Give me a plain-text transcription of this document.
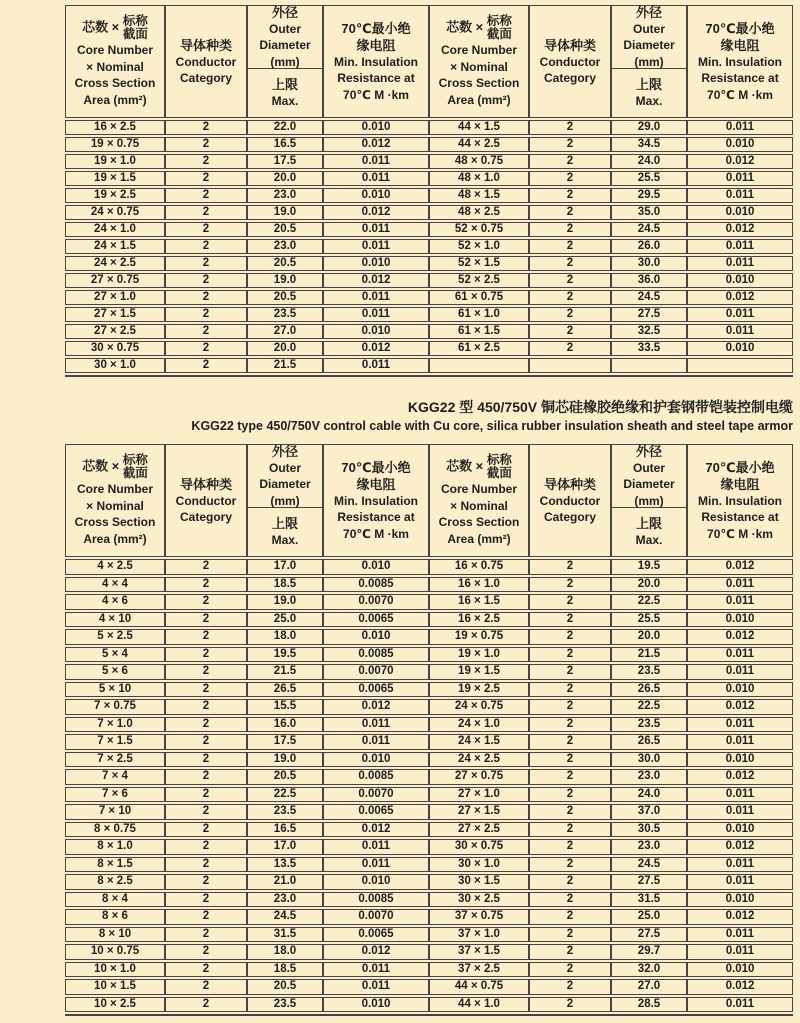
芯数 × 标称
截面
Core Number
× Nominal
Cross Section
Area (mm²)

导体种类
Conductor
Category

外径
Outer
Diameter
(mm)
上限
Max.

70℃最小绝
缘电阻
Min. Insulation
Resistance at
70℃ M ·km

芯数 × 标称
截面
Core Number
× Nominal
Cross Section
Area (mm²)

导体种类
Conductor
Category

外径
Outer
Diameter
(mm)
上限
Max.

70℃最小绝
缘电阻
Min. Insulation
Resistance at
70℃ M ·km

16 × 2.5	2	22.0	0.010	44 × 1.5	2	29.0	0.011
19 × 0.75	2	16.5	0.012	44 × 2.5	2	34.5	0.010
19 × 1.0	2	17.5	0.011	48 × 0.75	2	24.0	0.012
19 × 1.5	2	20.0	0.011	48 × 1.0	2	25.5	0.011
19 × 2.5	2	23.0	0.010	48 × 1.5	2	29.5	0.011
24 × 0.75	2	19.0	0.012	48 × 2.5	2	35.0	0.010
24 × 1.0	2	20.5	0.011	52 × 0.75	2	24.5	0.012
24 × 1.5	2	23.0	0.011	52 × 1.0	2	26.0	0.011
24 × 2.5	2	20.5	0.010	52 × 1.5	2	30.0	0.011
27 × 0.75	2	19.0	0.012	52 × 2.5	2	36.0	0.010
27 × 1.0	2	20.5	0.011	61 × 0.75	2	24.5	0.012
27 × 1.5	2	23.5	0.011	61 × 1.0	2	27.5	0.011
27 × 2.5	2	27.0	0.010	61 × 1.5	2	32.5	0.011
30 × 0.75	2	20.0	0.012	61 × 2.5	2	33.5	0.010
30 × 1.0	2	21.5	0.011				
KGG22 型 450/750V 铜芯硅橡胶绝缘和护套钢带铠装控制电缆
KGG22 type 450/750V control cable with Cu core, silica rubber insulation sheath and steel tape armor
芯数 × 标称
截面
Core Number
× Nominal
Cross Section
Area (mm²)

导体种类
Conductor
Category

外径
Outer
Diameter
(mm)
上限
Max.

70℃最小绝
缘电阻
Min. Insulation
Resistance at
70℃ M ·km

芯数 × 标称
截面
Core Number
× Nominal
Cross Section
Area (mm²)

导体种类
Conductor
Category

外径
Outer
Diameter
(mm)
上限
Max.

70℃最小绝
缘电阻
Min. Insulation
Resistance at
70℃ M ·km

4 × 2.5	2	17.0	0.010	16 × 0.75	2	19.5	0.012
4 × 4	2	18.5	0.0085	16 × 1.0	2	20.0	0.011
4 × 6	2	19.0	0.0070	16 × 1.5	2	22.5	0.011
4 × 10	2	25.0	0.0065	16 × 2.5	2	25.5	0.010
5 × 2.5	2	18.0	0.010	19 × 0.75	2	20.0	0.012
5 × 4	2	19.5	0.0085	19 × 1.0	2	21.5	0.011
5 × 6	2	21.5	0.0070	19 × 1.5	2	23.5	0.011
5 × 10	2	26.5	0.0065	19 × 2.5	2	26.5	0.010
7 × 0.75	2	15.5	0.012	24 × 0.75	2	22.5	0.012
7 × 1.0	2	16.0	0.011	24 × 1.0	2	23.5	0.011
7 × 1.5	2	17.5	0.011	24 × 1.5	2	26.5	0.011
7 × 2.5	2	19.0	0.010	24 × 2.5	2	30.0	0.010
7 × 4	2	20.5	0.0085	27 × 0.75	2	23.0	0.012
7 × 6	2	22.5	0.0070	27 × 1.0	2	24.0	0.011
7 × 10	2	23.5	0.0065	27 × 1.5	2	37.0	0.011
8 × 0.75	2	16.5	0.012	27 × 2.5	2	30.5	0.010
8 × 1.0	2	17.0	0.011	30 × 0.75	2	23.0	0.012
8 × 1.5	2	13.5	0.011	30 × 1.0	2	24.5	0.011
8 × 2.5	2	21.0	0.010	30 × 1.5	2	27.5	0.011
8 × 4	2	23.0	0.0085	30 × 2.5	2	31.5	0.010
8 × 6	2	24.5	0.0070	37 × 0.75	2	25.0	0.012
8 × 10	2	31.5	0.0065	37 × 1.0	2	27.5	0.011
10 × 0.75	2	18.0	0.012	37 × 1.5	2	29.7	0.011
10 × 1.0	2	18.5	0.011	37 × 2.5	2	32.0	0.010
10 × 1.5	2	20.5	0.011	44 × 0.75	2	27.0	0.012
10 × 2.5	2	23.5	0.010	44 × 1.0	2	28.5	0.011
